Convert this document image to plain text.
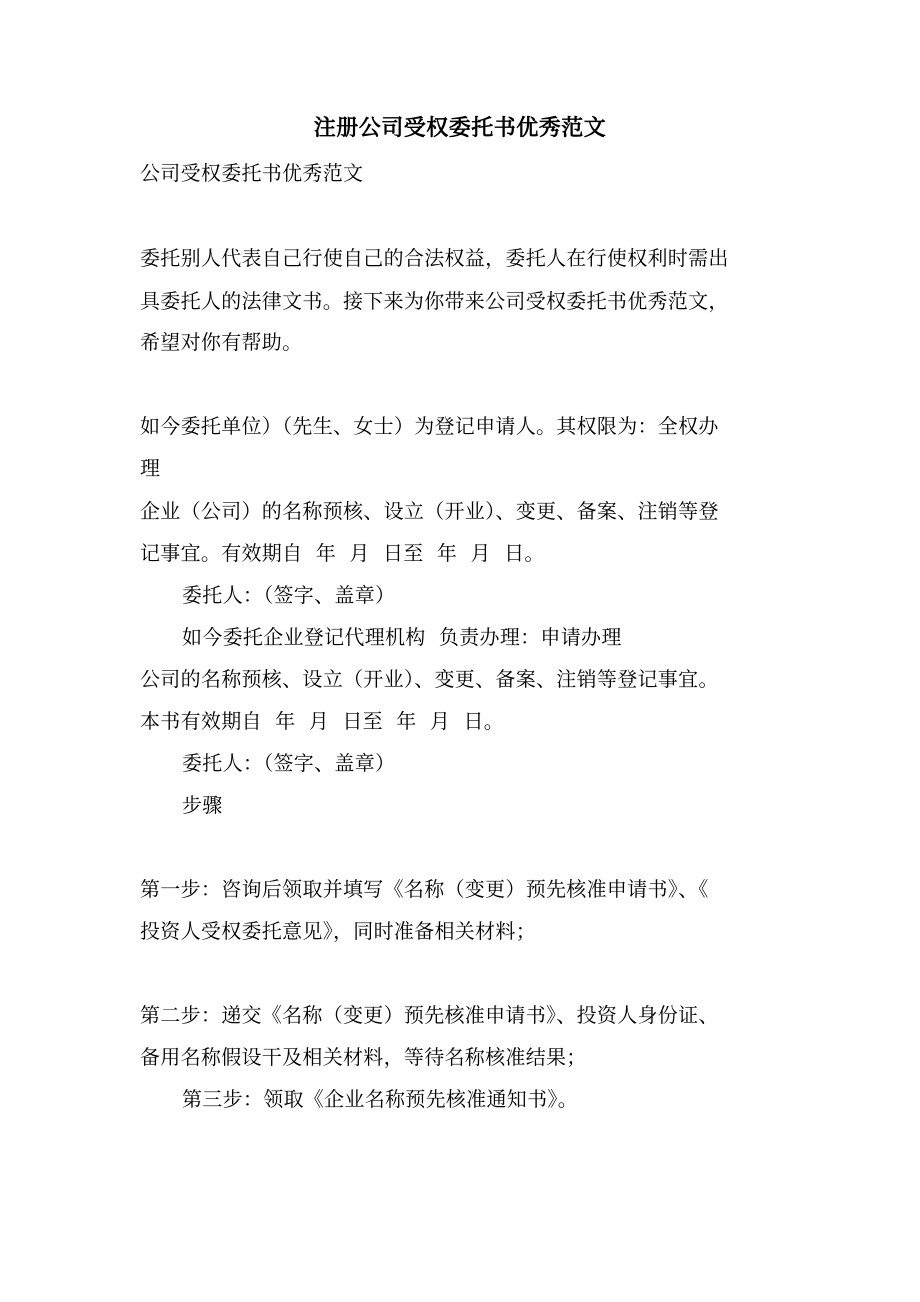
注册公司受权委托书优秀范文
公司受权委托书优秀范文
委托别人代表自己行使自己的合法权益，委托人在行使权利时需出
具委托人的法律文书。接下来为你带来公司受权委托书优秀范文，
希望对你有帮助。
如今委托单位）（先生、女士）为登记申请人。其权限为：全权办
理
企业（公司）的名称预核、设立（开业）、变更、备案、注销等登
记事宜。有效期自  年  月  日至  年  月  日。
委托人：（签字、盖章）
如今委托企业登记代理机构  负责办理：申请办理
公司的名称预核、设立（开业）、变更、备案、注销等登记事宜。
本书有效期自  年  月  日至  年  月  日。
委托人：（签字、盖章）
步骤
第一步：咨询后领取并填写《名称（变更）预先核准申请书》、《
投资人受权委托意见》，同时准备相关材料；
第二步：递交《名称（变更）预先核准申请书》、投资人身份证、
备用名称假设干及相关材料，等待名称核准结果；
第三步：领取《企业名称预先核准通知书》。
